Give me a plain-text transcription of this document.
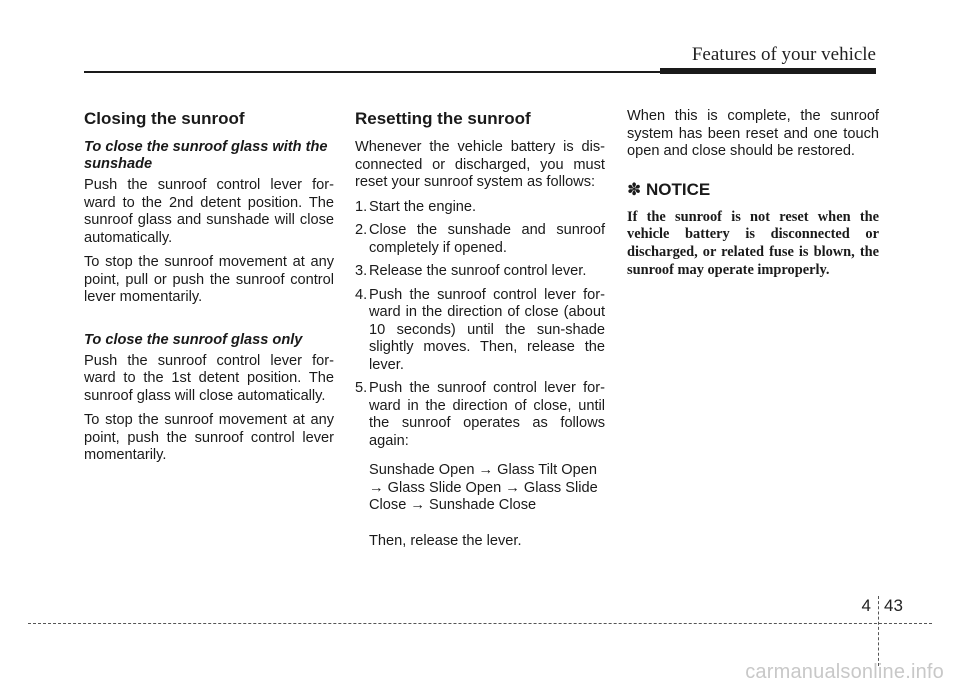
Features of your vehicle
Closing the sunroof
To close the sunroof glass with the sunshade

Push the sunroof control lever for-ward to the 2nd detent position. The sunroof glass and sunshade will close automatically.

To stop the sunroof movement at any point, pull or push the sunroof control lever momentarily.

To close the sunroof glass only

Push the sunroof control lever for-ward to the 1st detent position. The sunroof glass will close automatically.

To stop the sunroof movement at any point, push the sunroof control lever momentarily.

Resetting the sunroof

Whenever the vehicle battery is dis-connected or discharged, you must reset your sunroof system as follows:

1. Start the engine.
2. Close the sunshade and sunroof completely if opened.
3. Release the sunroof control lever.
4. Push the sunroof control lever for-ward in the direction of close (about 10 seconds) until the sun-shade slightly moves. Then, release the lever.
5. Push the sunroof control lever for-ward in the direction of close, until the sunroof operates as follows again:
Sunshade Open → Glass Tilt Open → Glass Slide Open → Glass Slide Close → Sunshade Close
Then, release the lever.

When this is complete, the sunroof system has been reset and one touch open and close should be restored.

✽ NOTICE

If the sunroof is not reset when the vehicle battery is disconnected or discharged, or related fuse is blown, the sunroof may operate improperly.

4 43
carmanualsonline.info
